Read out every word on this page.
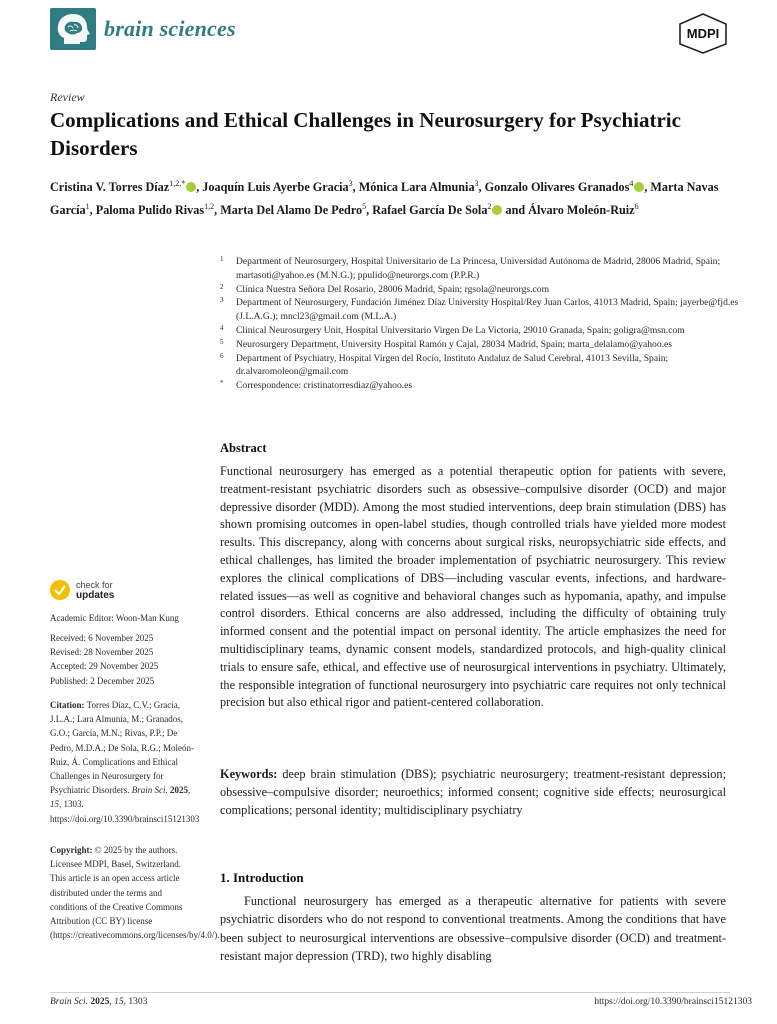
brain sciences	MDPI
Review
Complications and Ethical Challenges in Neurosurgery for Psychiatric Disorders
Cristina V. Torres Díaz$^{1,2,*}$ , Joaquín Luis Ayerbe Gracia$^3$, Mónica Lara Almunia$^3$, Gonzalo Olivares Granados$^4$ , Marta Navas García$^1$, Paloma Pulido Rivas$^{1,2}$, Marta Del Alamo De Pedro$^5$, Rafael García De Sola$^2$ and Álvaro Moleón-Ruiz$^6$
1 Department of Neurosurgery, Hospital Universitario de La Princesa, Universidad Autónoma de Madrid, 28006 Madrid, Spain; martasoti@yahoo.es (M.N.G.); ppulido@neurorgs.com (P.P.R.)
2 Clínica Nuestra Señora Del Rosario, 28006 Madrid, Spain; rgsola@neurorgs.com
3 Department of Neurosurgery, Fundación Jiménez Díaz University Hospital/Rey Juan Carlos, 41013 Madrid, Spain; jayerbe@fjd.es (J.L.A.G.); mncl23@gmail.com (M.L.A.)
4 Clinical Neurosurgery Unit, Hospital Universitario Virgen De La Victoria, 29010 Granada, Spain; goligra@msn.com
5 Neurosurgery Department, University Hospital Ramón y Cajal, 28034 Madrid, Spain; marta_delalamo@yahoo.es
6 Department of Psychiatry, Hospital Virgen del Rocío, Instituto Andaluz de Salud Cerebral, 41013 Sevilla, Spain; dr.alvaromoleon@gmail.com
* Correspondence: cristinatorresdiaz@yahoo.es
Abstract

Functional neurosurgery has emerged as a potential therapeutic option for patients with severe, treatment-resistant psychiatric disorders such as obsessive–compulsive disorder (OCD) and major depressive disorder (MDD). Among the most studied interventions, deep brain stimulation (DBS) has shown promising outcomes in open-label studies, though controlled trials have yielded more modest results. This discrepancy, along with concerns about surgical risks, neuropsychiatric side effects, and ethical challenges, has limited the broader implementation of psychiatric neurosurgery. This review explores the clinical complications of DBS—including vascular events, infections, and hardware-related issues—as well as cognitive and behavioral changes such as hypomania, apathy, and impulse control disorders. Ethical concerns are also addressed, including the difficulty of obtaining truly informed consent and the potential impact on personal identity. The article emphasizes the need for multidisciplinary teams, dynamic consent models, standardized protocols, and high-quality clinical trials to ensure safe, ethical, and effective use of neurosurgical interventions in psychiatry. Ultimately, the responsible integration of functional neurosurgery into psychiatric care requires not only technical precision but also ethical rigor and patient-centered collaboration.

Keywords: deep brain stimulation (DBS); psychiatric neurosurgery; treatment-resistant depression; obsessive–compulsive disorder; neuroethics; informed consent; cognitive side effects; neurosurgical complications; personal identity; multidisciplinary psychiatry

1. Introduction

Functional neurosurgery has emerged as a therapeutic alternative for patients with severe psychiatric disorders who do not respond to conventional treatments. Among the conditions that have been subject to neurosurgical interventions are obsessive–compulsive disorder (OCD) and treatment-resistant major depression (TRD), two highly disabling

check for
updates
Academic Editor: Woon-Man Kung
Received: 6 November 2025
Revised: 28 November 2025
Accepted: 29 November 2025
Published: 2 December 2025
Citation: Torres Díaz, C.V.; Gracia, J.L.A.; Lara Almunia, M.; Granados, G.O.; García, M.N.; Rivas, P.P.; De Pedro, M.D.A.; De Sola, R.G.; Moleón-Ruiz, Á. Complications and Ethical Challenges in Neurosurgery for Psychiatric Disorders. Brain Sci. 2025, 15, 1303. https://doi.org/10.3390/brainsci15121303
Copyright: © 2025 by the authors. Licensee MDPI, Basel, Switzerland. This article is an open access article distributed under the terms and conditions of the Creative Commons Attribution (CC BY) license (https://creativecommons.org/licenses/by/4.0/).
Brain Sci. 2025, 15, 1303	https://doi.org/10.3390/brainsci15121303
